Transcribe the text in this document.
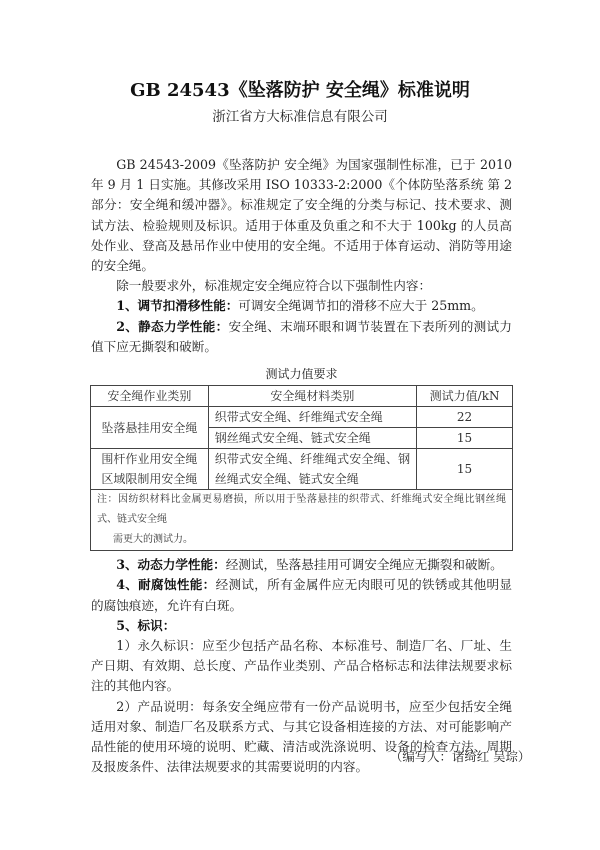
GB 24543《坠落防护 安全绳》标准说明
浙江省方大标准信息有限公司

GB 24543-2009《坠落防护 安全绳》为国家强制性标准，已于 2010 年 9 月 1 日实施。其修改采用 ISO 10333-2:2000《个体防坠落系统 第 2 部分：安全绳和缓冲器》。标准规定了安全绳的分类与标记、技术要求、测试方法、检验规则及标识。适用于体重及负重之和不大于 100kg 的人员高处作业、登高及悬吊作业中使用的安全绳。不适用于体育运动、消防等用途的安全绳。

除一般要求外，标准规定安全绳应符合以下强制性内容：

1、调节扣滑移性能：可调安全绳调节扣的滑移不应大于 25mm。

2、静态力学性能：安全绳、末端环眼和调节装置在下表所列的测试力值下应无撕裂和破断。

测试力值要求
安全绳作业类别	安全绳材料类别	测试力值/kN
坠落悬挂用安全绳	织带式安全绳、纤维绳式安全绳	22
	钢丝绳式安全绳、链式安全绳	15

围杆作业用安全绳
区域限制用安全绳	织带式安全绳、纤维绳式安全绳、钢丝绳式安全绳、链式安全绳	15

注：因纺织材料比金属更易磨损，所以用于坠落悬挂的织带式、纤维绳式安全绳比钢丝绳式、链式安全绳
需更大的测试力。		

3、动态力学性能：经测试，坠落悬挂用可调安全绳应无撕裂和破断。

4、耐腐蚀性能：经测试，所有金属件应无肉眼可见的铁锈或其他明显的腐蚀痕迹，允许有白斑。

5、标识：

1）永久标识：应至少包括产品名称、本标准号、制造厂名、厂址、生产日期、有效期、总长度、产品作业类别、产品合格标志和法律法规要求标注的其他内容。

2）产品说明：每条安全绳应带有一份产品说明书，应至少包括安全绳适用对象、制造厂名及联系方式、与其它设备相连接的方法、对可能影响产品性能的使用环境的说明、贮藏、清洁或洗涤说明、设备的检查方法、周期及报废条件、法律法规要求的其需要说明的内容。

（编写人：诸绮红 吴琮）
